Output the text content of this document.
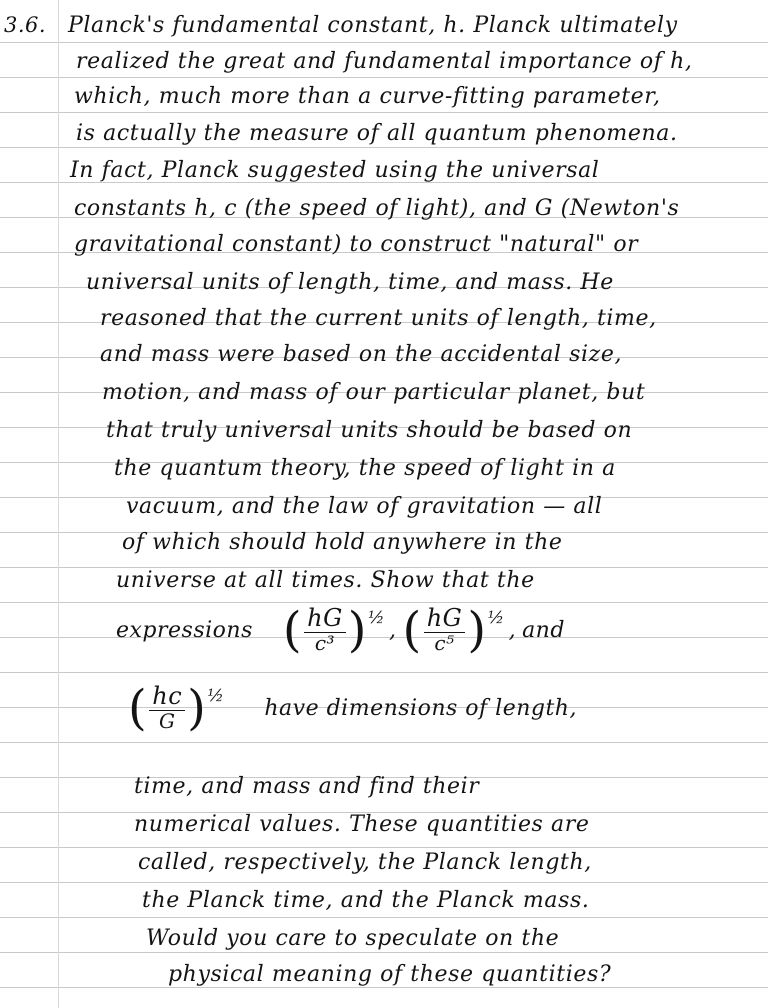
3.6. Planck's fundamental constant, h. Planck ultimately
realized the great and fundamental importance of h,
which, much more than a curve-fitting parameter,
is actually the measure of all quantum phenomena.
In fact, Planck suggested using the universal
constants h, c (the speed of light), and G (Newton's
gravitational constant) to construct "natural" or
universal units of length, time, and mass. He
reasoned that the current units of length, time,
and mass were based on the accidental size,
motion, and mass of our particular planet, but
that truly universal units should be based on
the quantum theory, the speed of light in a
vacuum, and the law of gravitation — all
of which should hold anywhere in the
universe at all times. Show that the
expressions ( $\frac{hG}{\text{c³}}$ ) ½ , ( $\frac{hG}{\text{c⁵}}$ ) ½ , and
( $\frac{hc}{G}$ ) ½ have dimensions of length,
time, and mass and find their
numerical values. These quantities are
called, respectively, the Planck length,
the Planck time, and the Planck mass.
Would you care to speculate on the
physical meaning of these quantities?
